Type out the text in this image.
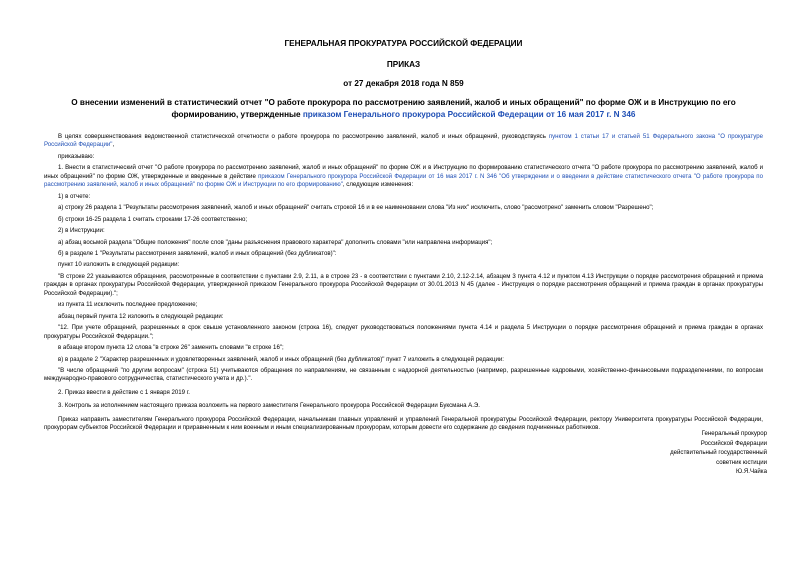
ГЕНЕРАЛЬНАЯ ПРОКУРАТУРА РОССИЙСКОЙ ФЕДЕРАЦИИ
ПРИКАЗ
от 27 декабря 2018 года N 859
О внесении изменений в статистический отчет "О работе прокурора по рассмотрению заявлений, жалоб и иных обращений" по форме ОЖ и в Инструкцию по его формированию, утвержденные приказом Генерального прокурора Российской Федерации от 16 мая 2017 г. N 346

В целях совершенствования ведомственной статистической отчетности о работе прокурора по рассмотрению заявлений, жалоб и иных обращений, руководствуясь пунктом 1 статьи 17 и статьей 51 Федерального закона "О прокуратуре Российской Федерации",

приказываю:

1. Внести в статистический отчет "О работе прокурора по рассмотрению заявлений, жалоб и иных обращений" по форме ОЖ и в Инструкцию по формированию статистического отчета "О работе прокурора по рассмотрению заявлений, жалоб и иных обращений" по форме ОЖ, утвержденные и введенные в действие приказом Генерального прокурора Российской Федерации от 16 мая 2017 г. N 346 "Об утверждении и о введении в действие статистического отчета "О работе прокурора по рассмотрению заявлений, жалоб и иных обращений" по форме ОЖ и Инструкции по его формированию", следующие изменения:

1) в отчете:

а) строку 26 раздела 1 "Результаты рассмотрения заявлений, жалоб и иных обращений" считать строкой 16 и в ее наименовании слова "Из них" исключить, слово "рассмотрено" заменить словом "Разрешено";

б) строки 16-25 раздела 1 считать строками 17-26 соответственно;

2) в Инструкции:

а) абзац восьмой раздела "Общие положения" после слов "даны разъяснения правового характера" дополнить словами "или направлена информация";

б) в разделе 1 "Результаты рассмотрения заявлений, жалоб и иных обращений (без дубликатов)":

пункт 10 изложить в следующей редакции:

"В строке 22 указываются обращения, рассмотренные в соответствии с пунктами 2.9, 2.11, а в строке 23 - в соответствии с пунктами 2.10, 2.12-2.14, абзацем 3 пункта 4.12 и пунктом 4.13 Инструкции о порядке рассмотрения обращений и приема граждан в органах прокуратуры Российской Федерации, утвержденной приказом Генерального прокурора Российской Федерации от 30.01.2013 N 45 (далее - Инструкция о порядке рассмотрения обращений и приема граждан в органах прокуратуры Российской Федерации).";

из пункта 11 исключить последнее предложение;

абзац первый пункта 12 изложить в следующей редакции:

"12. При учете обращений, разрешенных в срок свыше установленного законом (строка 16), следует руководствоваться положениями пункта 4.14 и раздела 5 Инструкции о порядке рассмотрения обращений и приема граждан в органах прокуратуры Российской Федерации.";

в абзаце втором пункта 12 слова "в строке 26" заменить словами "в строке 16";

в) в разделе 2 "Характер разрешенных и удовлетворенных заявлений, жалоб и иных обращений (без дубликатов)" пункт 7 изложить в следующей редакции:

"В числе обращений "по другим вопросам" (строка 51) учитываются обращения по направлениям, не связанным с надзорной деятельностью (например, разрешенные кадровыми, хозяйственно-финансовыми подразделениями, по вопросам международно-правового сотрудничества, статистического учета и др.).".

2. Приказ ввести в действие с 1 января 2019 г.

3. Контроль за исполнением настоящего приказа возложить на первого заместителя Генерального прокурора Российской Федерации Буксмана А.Э.

Приказ направить заместителям Генерального прокурора Российской Федерации, начальникам главных управлений и управлений Генеральной прокуратуры Российской Федерации, ректору Университета прокуратуры Российской Федерации, прокурорам субъектов Российской Федерации и приравненным к ним военным и иным специализированным прокурорам, которым довести его содержание до сведения подчиненных работников.

Генеральный прокурор
Российской Федерации
действительный государственный
советник юстиции
Ю.Я.Чайка
